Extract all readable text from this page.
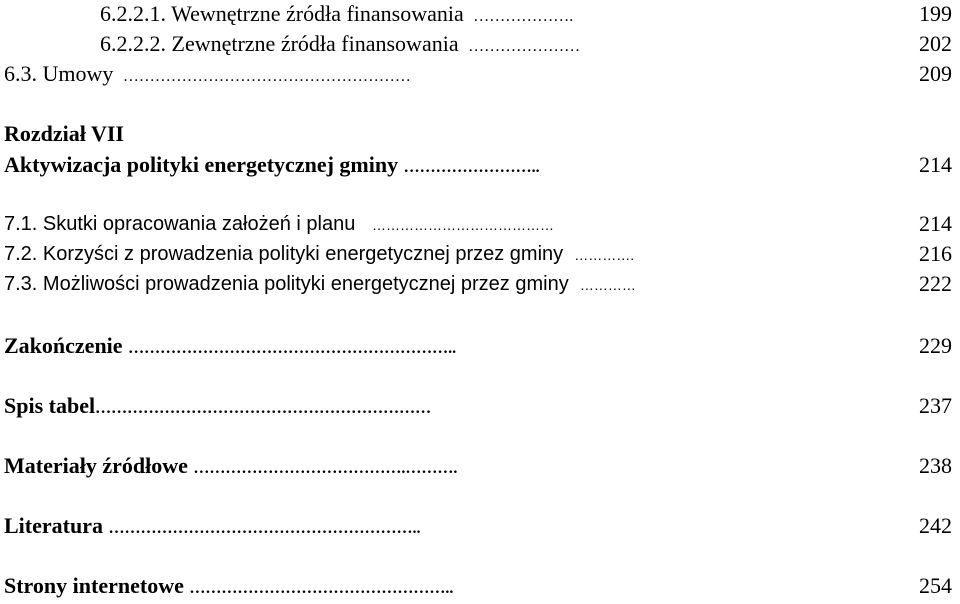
6.2.2.1. Wewnętrzne źródła finansowania ……………….	199
6.2.2.2. Zewnętrzne źródła finansowania …………………	202
6.3. Umowy ………………………………………………	209
Rozdział VII
Aktywizacja polityki energetycznej gminy ……………………..	214
7.1. Skutki opracowania założeń i planu …………………………………	214
7.2. Korzyści z prowadzenia polityki energetycznej przez gminy ………….	216
7.3. Możliwości prowadzenia polityki energetycznej przez gminy …………	222
Zakończenie ……………………………………………………..	229
Spis tabel………………………………………………………	237
Materiały źródłowe ………………………………….……….	238
Literatura …………………………………………………..	242
Strony internetowe …………………………………………..	254
